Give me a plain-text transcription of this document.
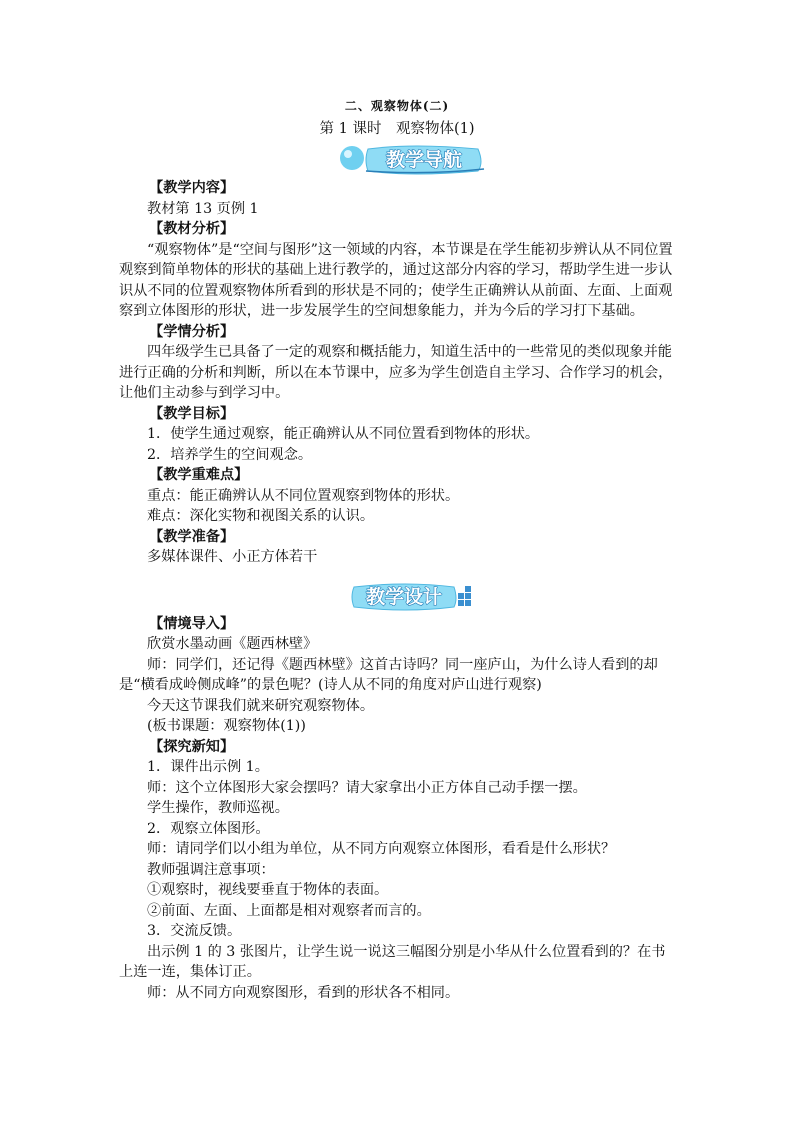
二、观察物体(二)
第 1 课时　观察物体(1)
教学导航
教学设计

【教学内容】

教材第 13 页例 1

【教材分析】

“观察物体”是“空间与图形”这一领域的内容，本节课是在学生能初步辨认从不同位置观察到简单物体的形状的基础上进行教学的，通过这部分内容的学习，帮助学生进一步认识从不同的位置观察物体所看到的形状是不同的；使学生正确辨认从前面、左面、上面观察到立体图形的形状，进一步发展学生的空间想象能力，并为今后的学习打下基础。

【学情分析】

四年级学生已具备了一定的观察和概括能力，知道生活中的一些常见的类似现象并能进行正确的分析和判断，所以在本节课中，应多为学生创造自主学习、合作学习的机会，让他们主动参与到学习中。

【教学目标】

1．使学生通过观察，能正确辨认从不同位置看到物体的形状。

2．培养学生的空间观念。

【教学重难点】

重点：能正确辨认从不同位置观察到物体的形状。

难点：深化实物和视图关系的认识。

【教学准备】

多媒体课件、小正方体若干

【情境导入】

欣赏水墨动画《题西林壁》

师：同学们，还记得《题西林壁》这首古诗吗？同一座庐山，为什么诗人看到的却是“横看成岭侧成峰”的景色呢？(诗人从不同的角度对庐山进行观察)

今天这节课我们就来研究观察物体。

(板书课题：观察物体(1))

【探究新知】

1．课件出示例 1。

师：这个立体图形大家会摆吗？请大家拿出小正方体自己动手摆一摆。

学生操作，教师巡视。

2．观察立体图形。

师：请同学们以小组为单位，从不同方向观察立体图形，看看是什么形状？

教师强调注意事项：

①观察时，视线要垂直于物体的表面。

②前面、左面、上面都是相对观察者而言的。

3．交流反馈。

出示例 1 的 3 张图片，让学生说一说这三幅图分别是小华从什么位置看到的？在书上连一连，集体订正。

师：从不同方向观察图形，看到的形状各不相同。
